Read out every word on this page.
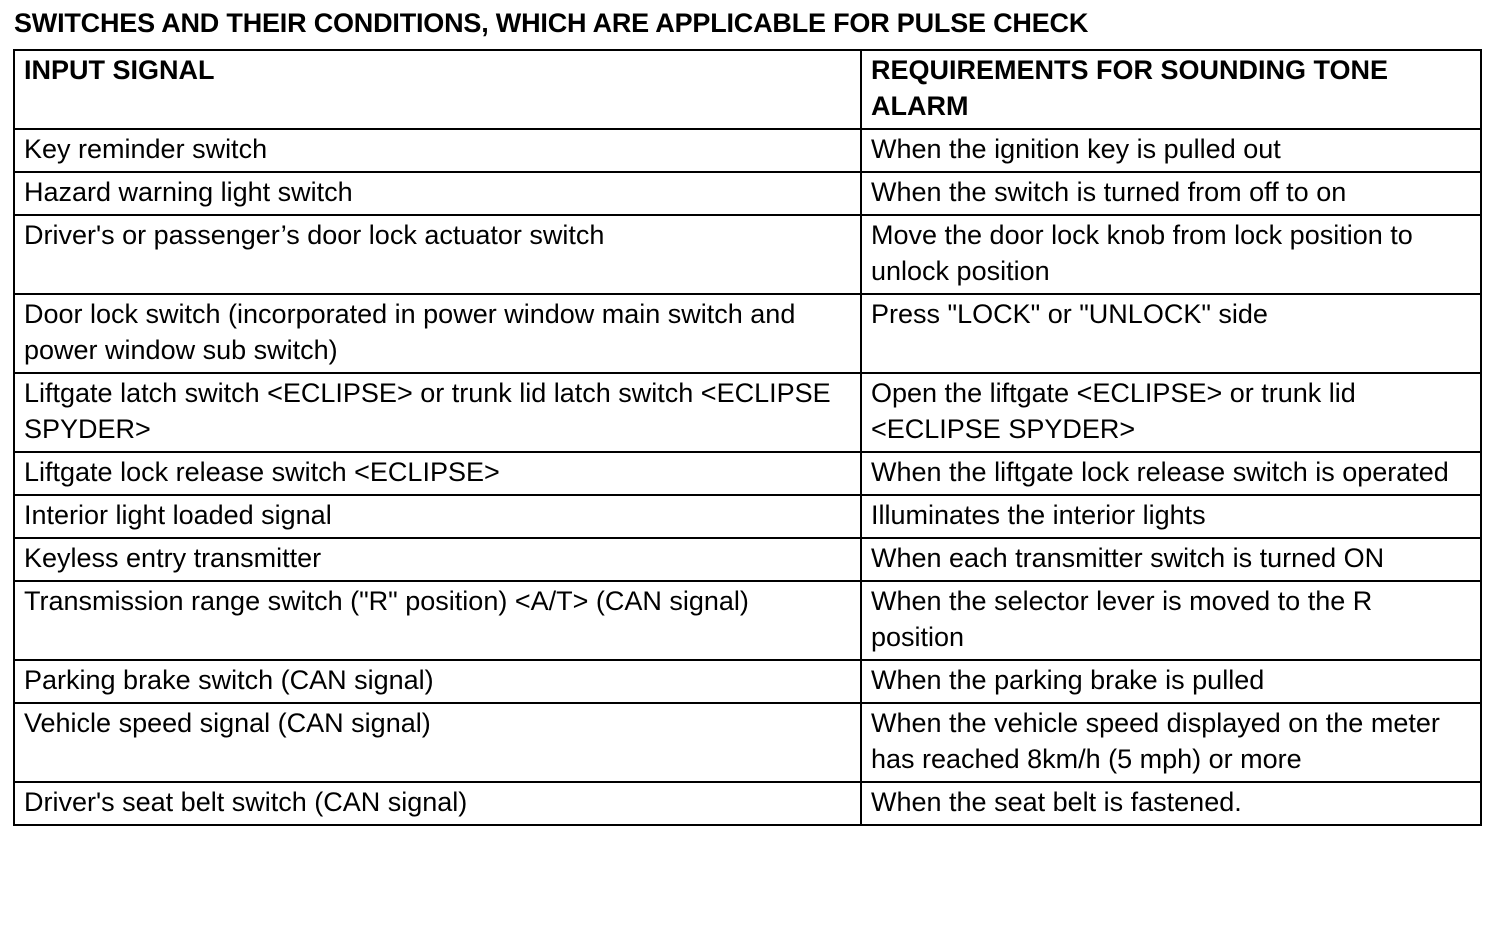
SWITCHES AND THEIR CONDITIONS, WHICH ARE APPLICABLE FOR PULSE CHECK
INPUT SIGNAL	REQUIREMENTS FOR SOUNDING TONE ALARM
Key reminder switch	When the ignition key is pulled out
Hazard warning light switch	When the switch is turned from off to on
Driver's or passenger’s door lock actuator switch	Move the door lock knob from lock position to unlock position
Door lock switch (incorporated in power window main switch and power window sub switch)	Press "LOCK" or "UNLOCK" side
Liftgate latch switch <ECLIPSE> or trunk lid latch switch <ECLIPSE SPYDER>	Open the liftgate <ECLIPSE> or trunk lid <ECLIPSE SPYDER>
Liftgate lock release switch <ECLIPSE>	When the liftgate lock release switch is operated
Interior light loaded signal	Illuminates the interior lights
Keyless entry transmitter	When each transmitter switch is turned ON
Transmission range switch ("R" position) <A/T> (CAN signal)	When the selector lever is moved to the R position
Parking brake switch (CAN signal)	When the parking brake is pulled
Vehicle speed signal (CAN signal)	When the vehicle speed displayed on the meter has reached 8km/h (5 mph) or more
Driver's seat belt switch (CAN signal)	When the seat belt is fastened.
